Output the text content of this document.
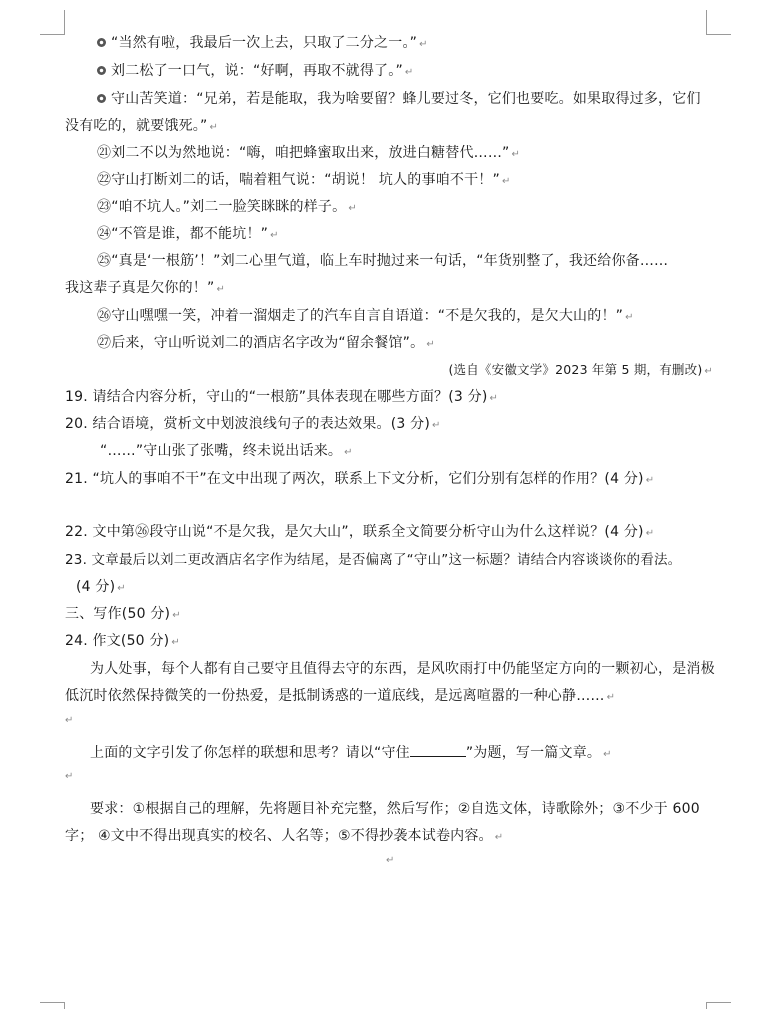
“当然有啦，我最后一次上去，只取了二分之一。” ↵
刘二松了一口气，说：“好啊，再取不就得了。” ↵
守山苦笑道：“兄弟，若是能取，我为啥要留？蜂儿要过冬，它们也要吃。如果取得过多，它们
没有吃的，就要饿死。” ↵
㉑刘二不以为然地说：“嗨，咱把蜂蜜取出来，放进白糖替代……” ↵
㉒守山打断刘二的话，喘着粗气说：“胡说！ 坑人的事咱不干！” ↵
㉓“咱不坑人。”刘二一脸笑眯眯的样子。 ↵
㉔“不管是谁，都不能坑！” ↵
㉕“真是‘一根筋’！”刘二心里气道，临上车时抛过来一句话，“年货别整了，我还给你备……
我这辈子真是欠你的！” ↵
㉖守山嘿嘿一笑，冲着一溜烟走了的汽车自言自语道：“不是欠我的，是欠大山的！” ↵
㉗后来，守山听说刘二的酒店名字改为“留余餐馆”。 ↵
(选自《安徽文学》2023 年第 5 期，有删改) ↵
19. 请结合内容分析，守山的“一根筋”具体表现在哪些方面？(3 分) ↵
20. 结合语境，赏析文中划波浪线句子的表达效果。(3 分) ↵
“……”守山张了张嘴，终未说出话来。 ↵
21. “坑人的事咱不干”在文中出现了两次，联系上下文分析，它们分别有怎样的作用？(4 分) ↵
22. 文中第㉖段守山说“不是欠我，是欠大山”，联系全文简要分析守山为什么这样说？(4 分) ↵
23. 文章最后以刘二更改酒店名字作为结尾，是否偏离了“守山”这一标题？请结合内容谈谈你的看法。
(4 分) ↵
三、写作(50 分) ↵
24. 作文(50 分) ↵
为人处事，每个人都有自己要守且值得去守的东西，是风吹雨打中仍能坚定方向的一颗初心，是消极
低沉时依然保持微笑的一份热爱，是抵制诱惑的一道底线，是远离喧嚣的一种心静…… ↵
↵
上面的文字引发了你怎样的联想和思考？请以“守住	”为题，写一篇文章。 ↵
↵
要求：①根据自己的理解，先将题目补充完整，然后写作；②自选文体，诗歌除外；③不少于 600
字； ④文中不得出现真实的校名、人名等；⑤不得抄袭本试卷内容。 ↵
↵
